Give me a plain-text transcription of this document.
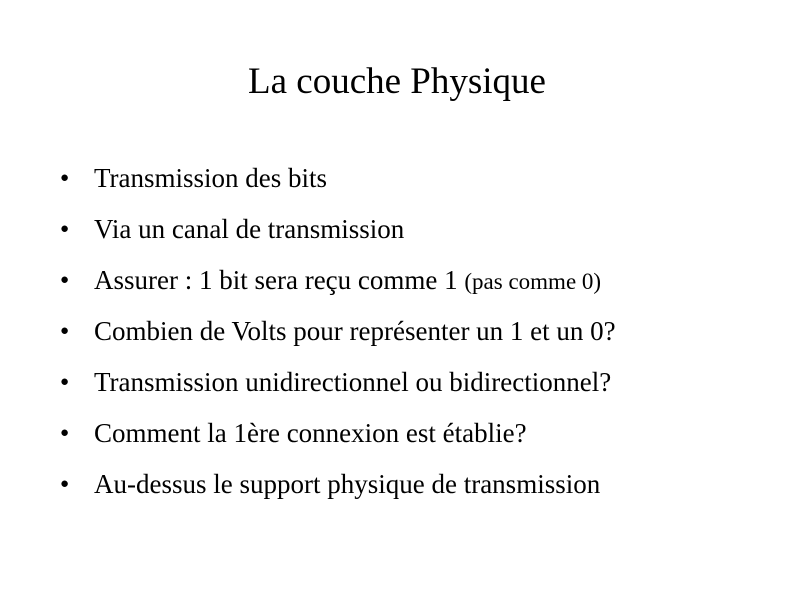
La couche Physique
● Transmission des bits
● Via un canal de transmission
● Assurer : 1 bit sera reçu comme 1 (pas comme 0)
● Combien de Volts pour représenter un 1 et un 0?
● Transmission unidirectionnel ou bidirectionnel?
● Comment la 1ère connexion est établie?
● Au-dessus le support physique de transmission
